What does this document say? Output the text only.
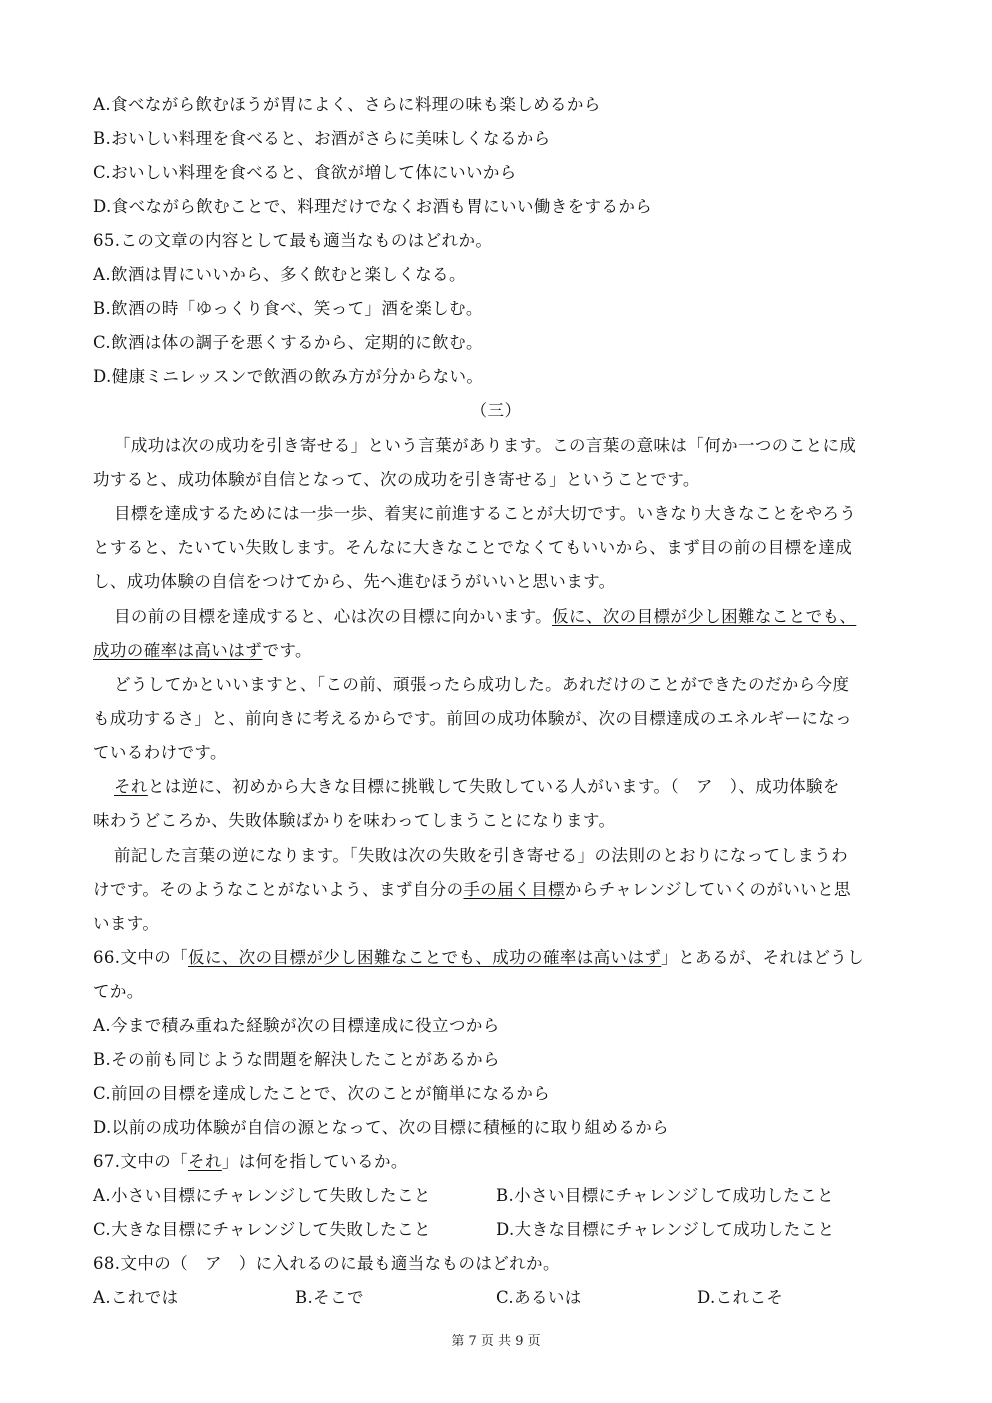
A.食べながら飲むほうが胃によく、さらに料理の味も楽しめるから
B.おいしい料理を食べると、お酒がさらに美味しくなるから
C.おいしい料理を食べると、食欲が増して体にいいから
D.食べながら飲むことで、料理だけでなくお酒も胃にいい働きをするから
65.この文章の内容として最も適当なものはどれか。
A.飲酒は胃にいいから、多く飲むと楽しくなる。
B.飲酒の時「ゆっくり食べ、笑って」酒を楽しむ。
C.飲酒は体の調子を悪くするから、定期的に飲む。
D.健康ミニレッスンで飲酒の飲み方が分からない。
（三）
「成功は次の成功を引き寄せる」という言葉があります。この言葉の意味は「何か一つのことに成
功すると、成功体験が自信となって、次の成功を引き寄せる」ということです。
目標を達成するためには一歩一歩、着実に前進することが大切です。いきなり大きなことをやろう
とすると、たいてい失敗します。そんなに大きなことでなくてもいいから、まず目の前の目標を達成
し、成功体験の自信をつけてから、先へ進むほうがいいと思います。
目の前の目標を達成すると、心は次の目標に向かいます。仮に、次の目標が少し困難なことでも、
成功の確率は高いはずです。
どうしてかといいますと、「この前、頑張ったら成功した。あれだけのことができたのだから今度
も成功するさ」と、前向きに考えるからです。前回の成功体験が、次の目標達成のエネルギーになっ
ているわけです。
それとは逆に、初めから大きな目標に挑戦して失敗している人がいます。（　ア　）、成功体験を
味わうどころか、失敗体験ばかりを味わってしまうことになります。
前記した言葉の逆になります。「失敗は次の失敗を引き寄せる」の法則のとおりになってしまうわ
けです。そのようなことがないよう、まず自分の手の届く目標からチャレンジしていくのがいいと思
います。
66.文中の「仮に、次の目標が少し困難なことでも、成功の確率は高いはず」とあるが、それはどうし
てか。
A.今まで積み重ねた経験が次の目標達成に役立つから
B.その前も同じような問題を解決したことがあるから
C.前回の目標を達成したことで、次のことが簡単になるから
D.以前の成功体験が自信の源となって、次の目標に積極的に取り組めるから
67.文中の「それ」は何を指しているか。
A.小さい目標にチャレンジして失敗したこと	B.小さい目標にチャレンジして成功したこと
C.大きな目標にチャレンジして失敗したこと	D.大きな目標にチャレンジして成功したこと
68.文中の（　ア　）に入れるのに最も適当なものはどれか。
A.これでは	B.そこで	C.あるいは	D.これこそ
第 7 页 共 9 页
